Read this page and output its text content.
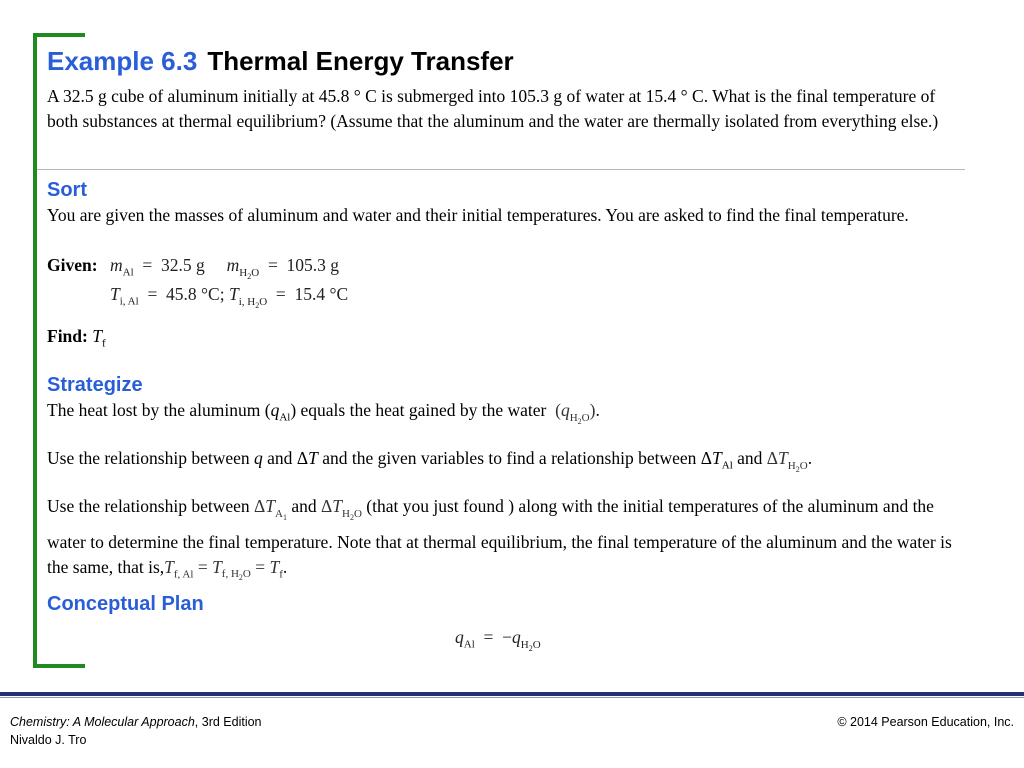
Example 6.3 Thermal Energy Transfer

A 32.5 g cube of aluminum initially at 45.8 ° C is submerged into 105.3 g of water at 15.4 ° C. What is the final temperature of both substances at thermal equilibrium? (Assume that the aluminum and the water are thermally isolated from everything else.)

Sort

You are given the masses of aluminum and water and their initial temperatures. You are asked to find the final temperature.

Given: $m_{Al} = 32.5$ g     $m_{H_2O} = 105.3$ g
$T_{i, Al} = 45.8$ °C; $T_{i, H_2O} = 15.4$ °C
Find: $T_f$
Strategize
The heat lost by the aluminum $(q_{Al})$ equals the heat gained by the water $(q_{H_2O})$.
Use the relationship between q and ΔT and the given variables to find a relationship between $\Delta T_{Al}$ and $\Delta T_{H_2O}$.

Use the relationship between $\Delta T_{A_1}$ and $\Delta T_{H_2O}$ (that you just found ) along with the initial temperatures of the aluminum and the water to determine the final temperature. Note that at thermal equilibrium, the final temperature of the aluminum and the water is the same, that $is,T_{f, Al} = T_{f, H_2O} = T_f$.

Conceptual Plan
$q_{Al} = -q_{H_2O}$
Chemistry: A Molecular Approach, 3rd Edition
Nivaldo J. Tro
© 2014 Pearson Education, Inc.
